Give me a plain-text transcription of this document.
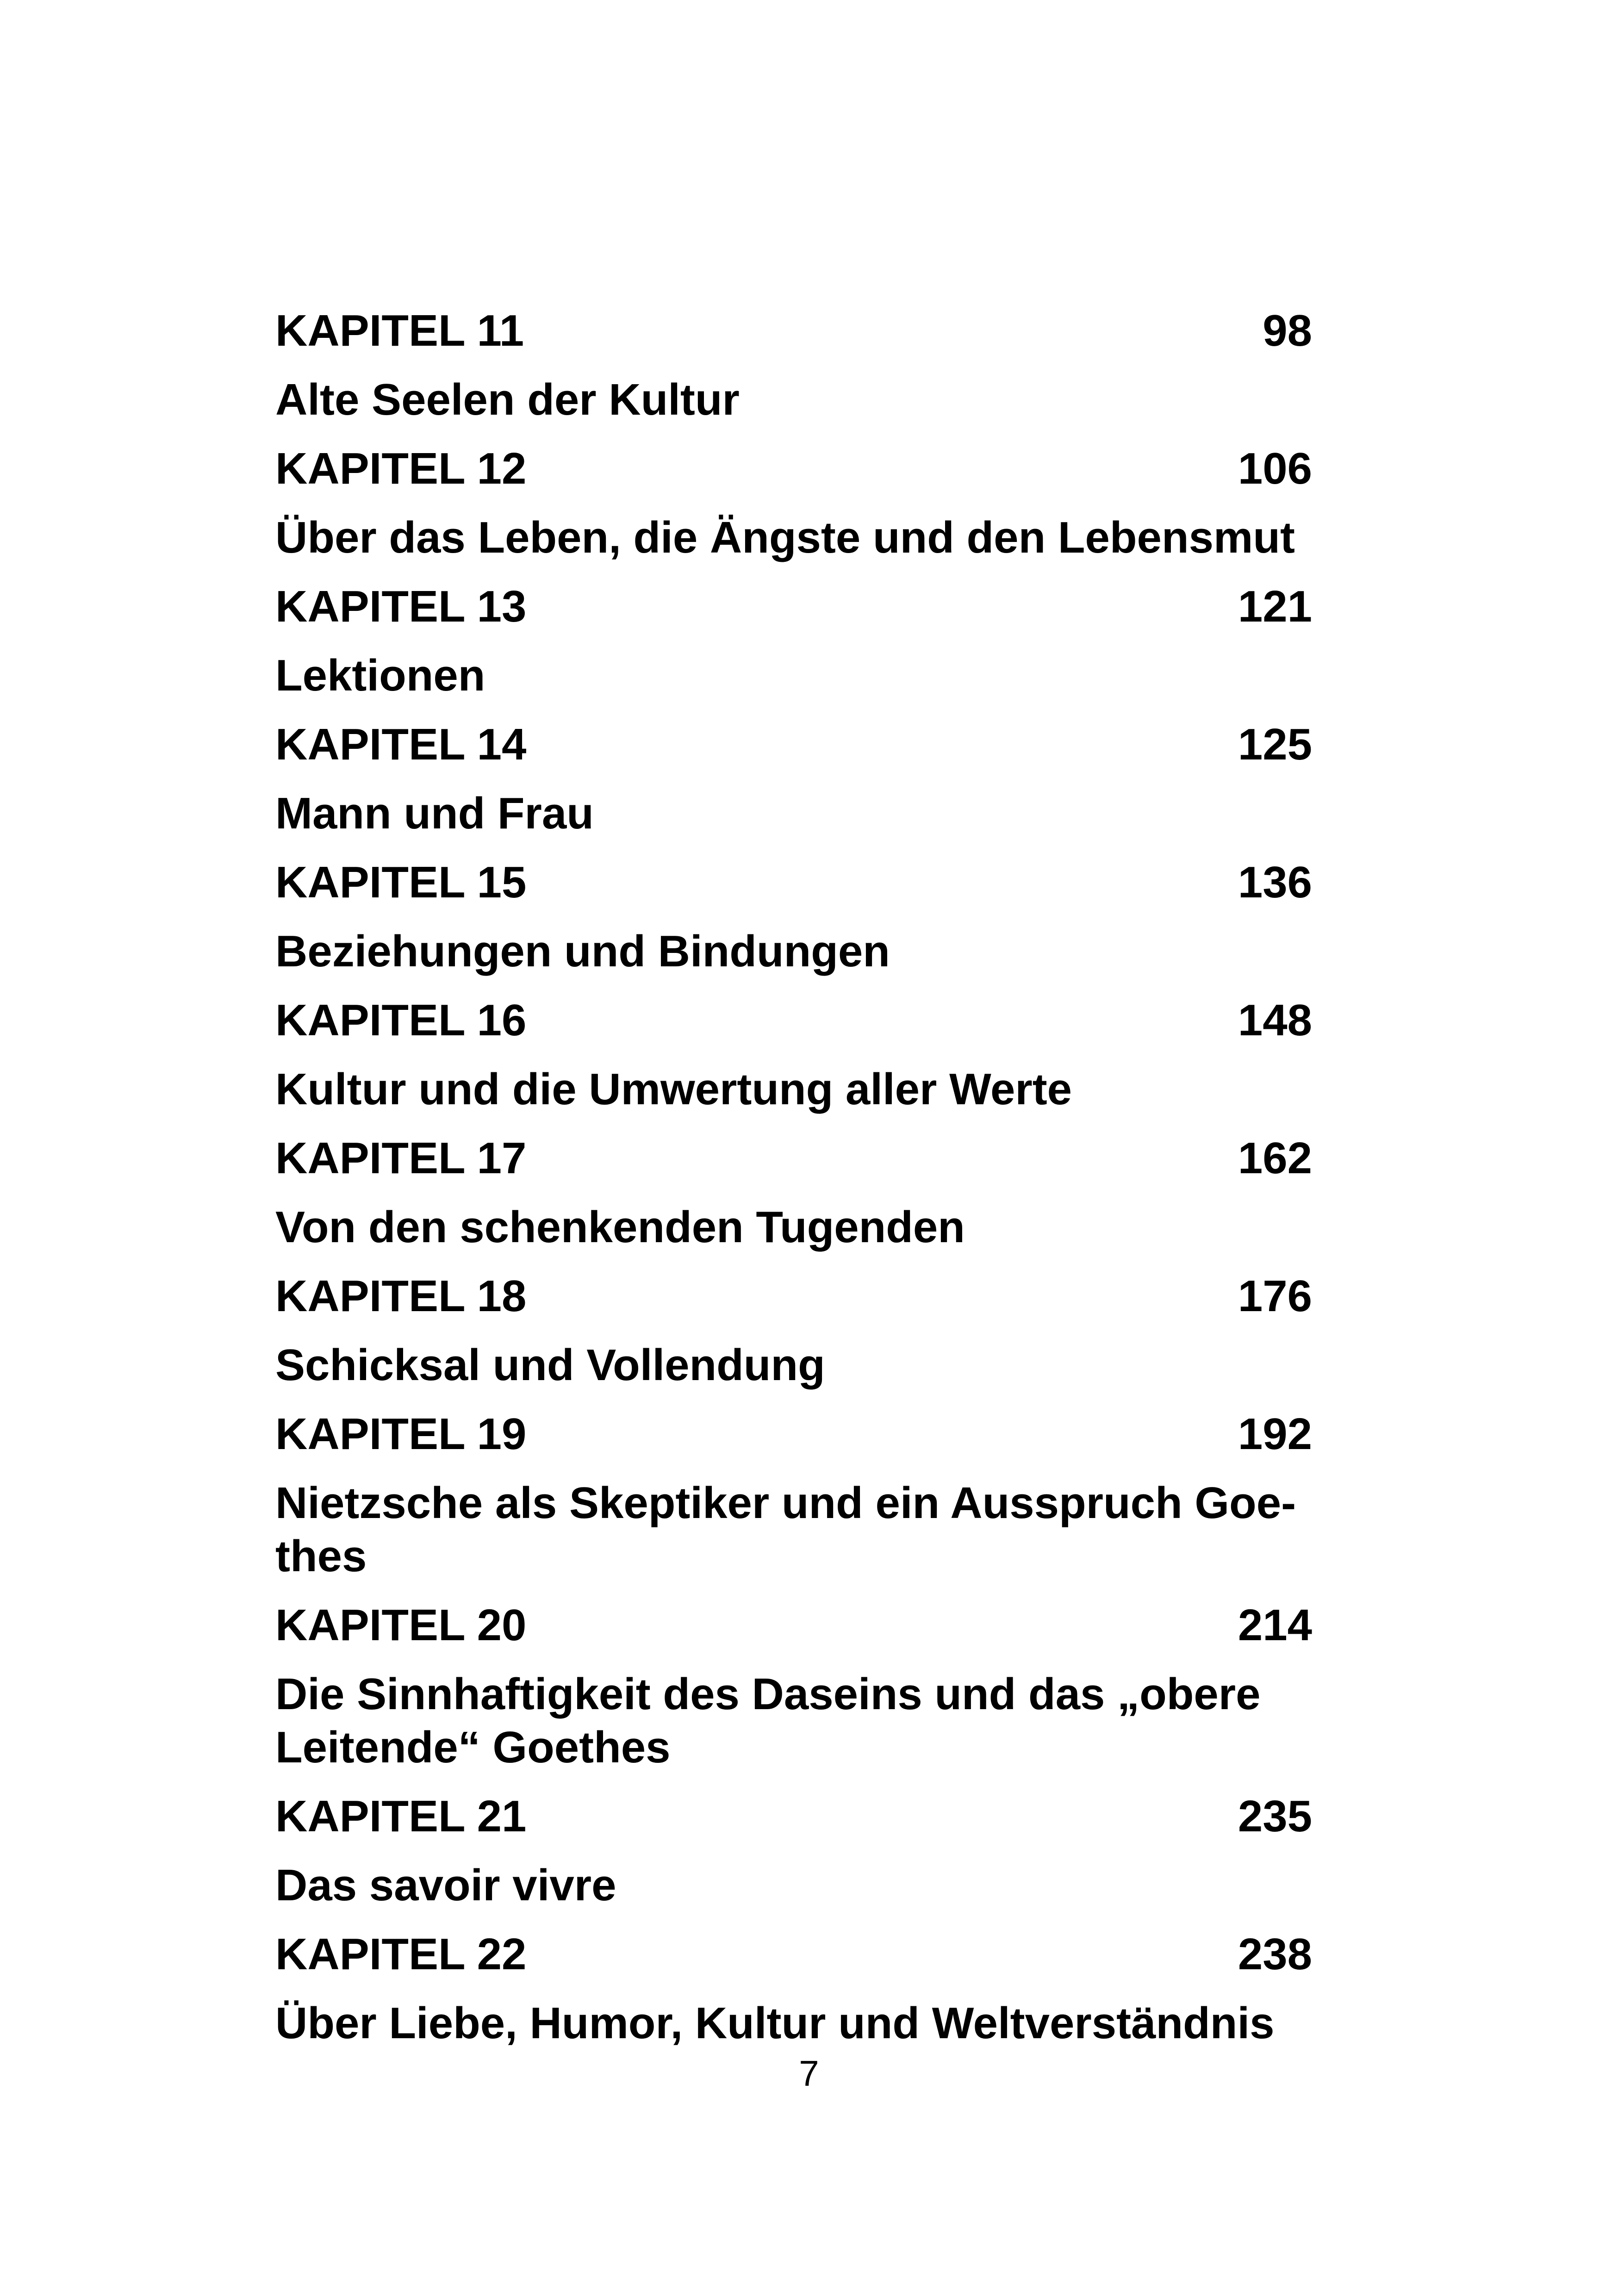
KAPITEL 11	98
Alte Seelen der Kultur
KAPITEL 12	106
Über das Leben, die Ängste und den Lebensmut
KAPITEL 13	121
Lektionen
KAPITEL 14	125
Mann und Frau
KAPITEL 15	136
Beziehungen und Bindungen
KAPITEL 16	148
Kultur und die Umwertung aller Werte
KAPITEL 17	162
Von den schenkenden Tugenden
KAPITEL 18	176
Schicksal und Vollendung
KAPITEL 19	192
Nietzsche als Skeptiker und ein Ausspruch Goe-thes
KAPITEL 20	214
Die Sinnhaftigkeit des Daseins und das „obere Leitende“ Goethes
KAPITEL 21	235
Das savoir vivre
KAPITEL 22	238
Über Liebe, Humor, Kultur und Weltverständnis
7
